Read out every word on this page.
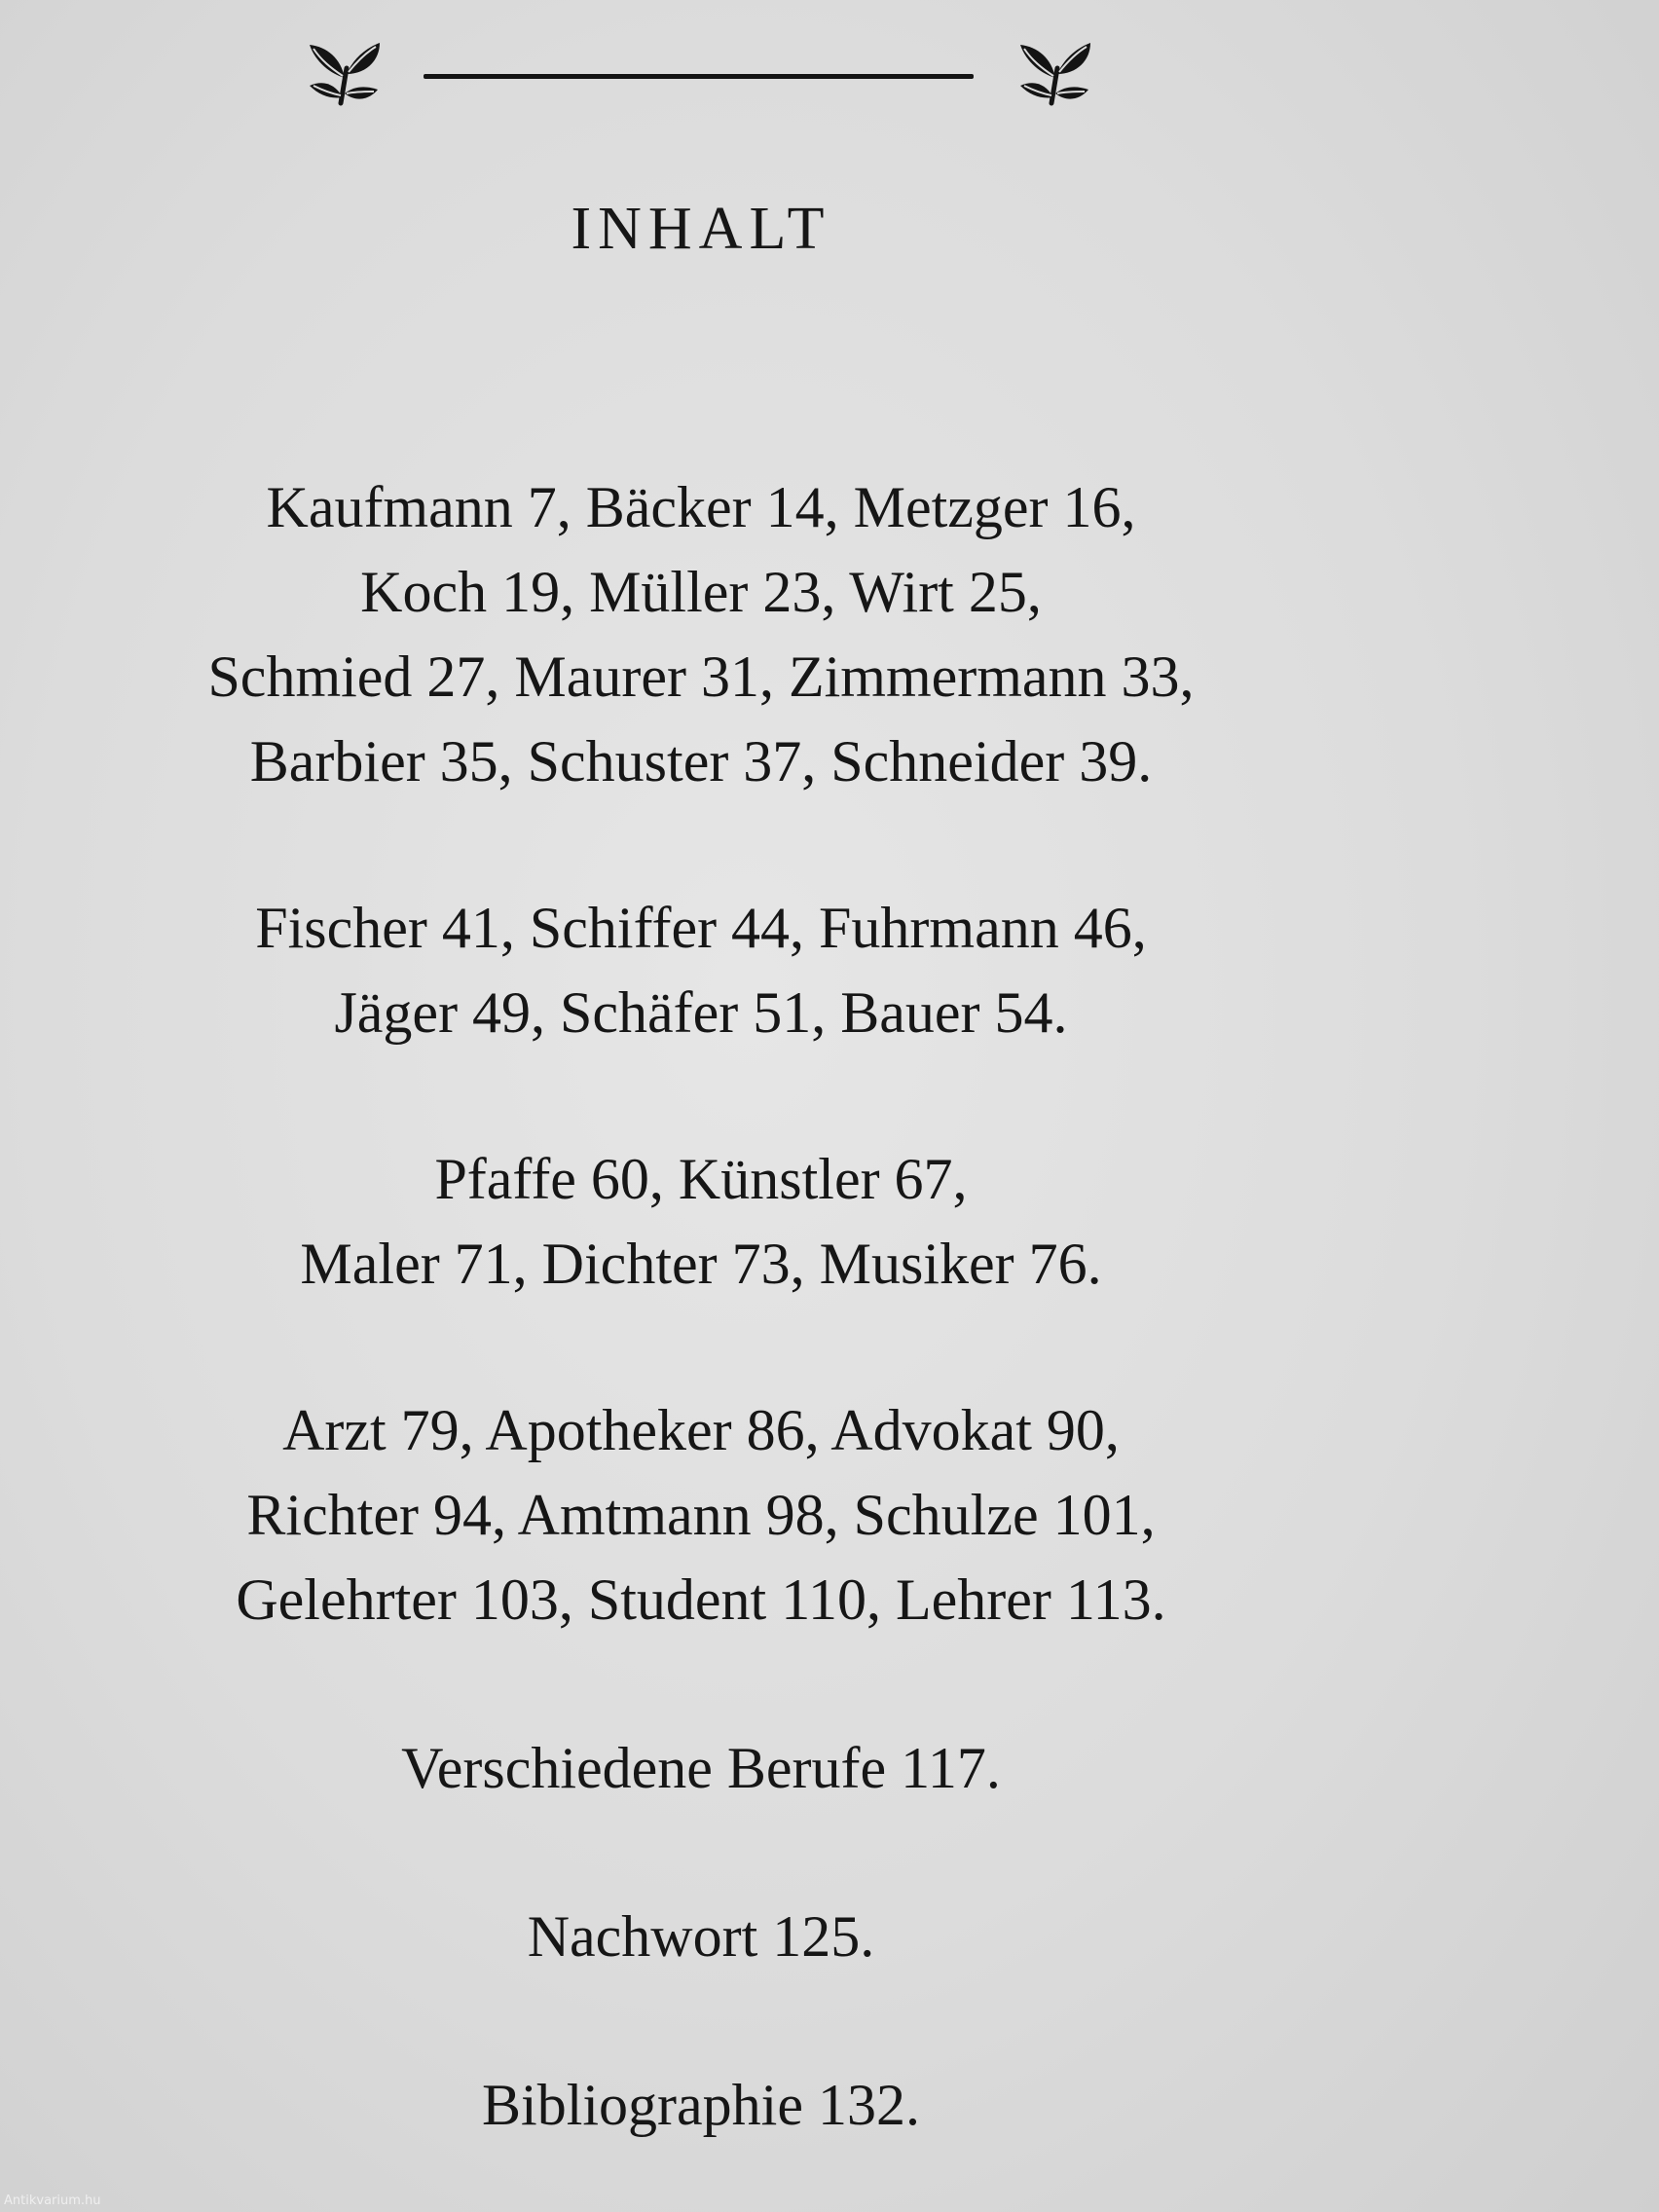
INHALT
Kaufmann 7, Bäcker 14, Metzger 16,
Koch 19, Müller 23, Wirt 25,
Schmied 27, Maurer 31, Zimmermann 33,
Barbier 35, Schuster 37, Schneider 39.
Fischer 41, Schiffer 44, Fuhrmann 46,
Jäger 49, Schäfer 51, Bauer 54.
Pfaffe 60, Künstler 67,
Maler 71, Dichter 73, Musiker 76.
Arzt 79, Apotheker 86, Advokat 90,
Richter 94, Amtmann 98, Schulze 101,
Gelehrter 103, Student 110, Lehrer 113.
Verschiedene Berufe 117.
Nachwort 125.
Bibliographie 132.
Antikvarium.hu
